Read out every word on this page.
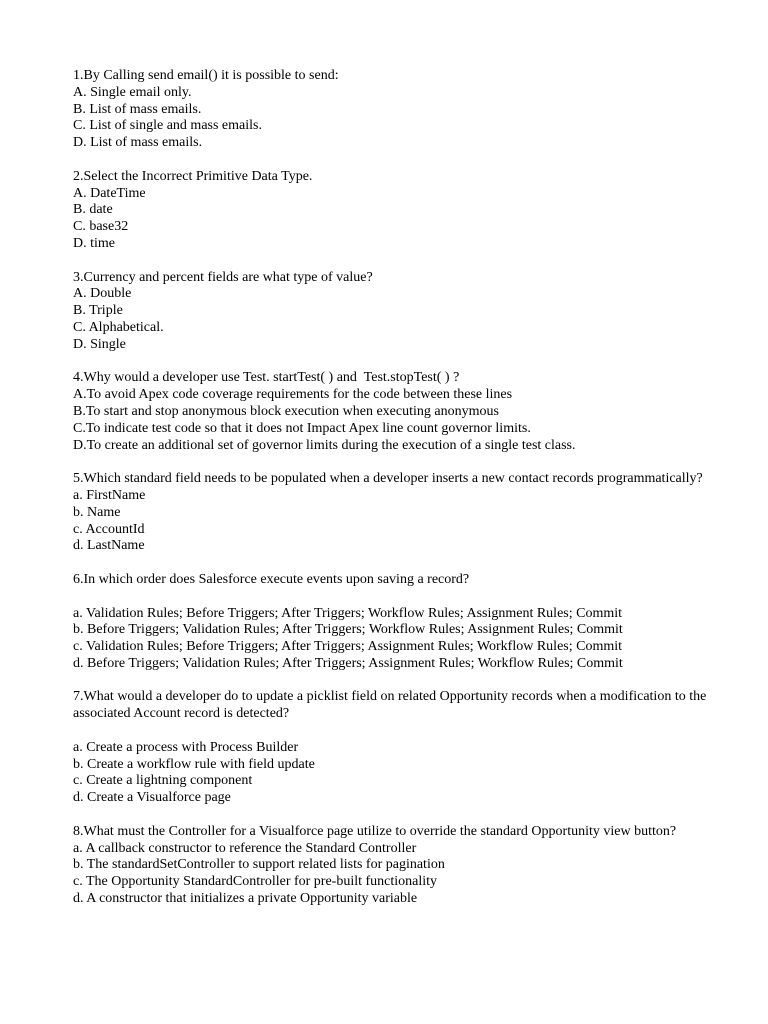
1.By Calling send email() it is possible to send:
A. Single email only.
B. List of mass emails.
C. List of single and mass emails.
D. List of mass emails.
2.Select the Incorrect Primitive Data Type.
A. DateTime
B. date
C. base32
D. time
3.Currency and percent fields are what type of value?
A. Double
B. Triple
C. Alphabetical.
D. Single
4.Why would a developer use Test. startTest( ) and  Test.stopTest( ) ?
A.To avoid Apex code coverage requirements for the code between these lines
B.To start and stop anonymous block execution when executing anonymous
C.To indicate test code so that it does not Impact Apex line count governor limits.
D.To create an additional set of governor limits during the execution of a single test class.
5.Which standard field needs to be populated when a developer inserts a new contact records programmatically?
a. FirstName
b. Name
c. AccountId
d. LastName
6.In which order does Salesforce execute events upon saving a record?
a. Validation Rules; Before Triggers; After Triggers; Workflow Rules; Assignment Rules; Commit
b. Before Triggers; Validation Rules; After Triggers; Workflow Rules; Assignment Rules; Commit
c. Validation Rules; Before Triggers; After Triggers; Assignment Rules; Workflow Rules; Commit
d. Before Triggers; Validation Rules; After Triggers; Assignment Rules; Workflow Rules; Commit
7.What would a developer do to update a picklist field on related Opportunity records when a modification to the associated Account record is detected?
a. Create a process with Process Builder
b. Create a workflow rule with field update
c. Create a lightning component
d. Create a Visualforce page
8.What must the Controller for a Visualforce page utilize to override the standard Opportunity view button?
a. A callback constructor to reference the Standard Controller
b. The standardSetController to support related lists for pagination
c. The Opportunity StandardController for pre-built functionality
d. A constructor that initializes a private Opportunity variable
